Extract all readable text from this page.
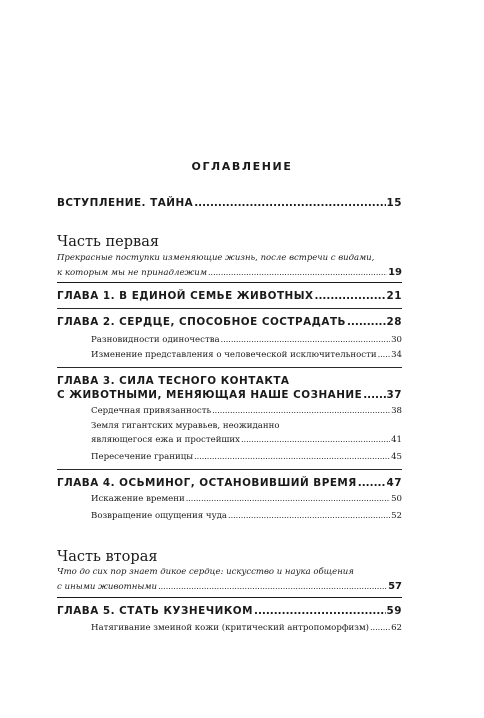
ОГЛАВЛЕНИЕ
ВСТУПЛЕНИЕ. ТАЙНА .....	15
Часть первая
Прекрасные поступки изменяющие жизнь, после встречи с видами,
к которым мы не принадлежим .....	19
ГЛАВА 1. В ЕДИНОЙ СЕМЬЕ ЖИВОТНЫХ .....	21
ГЛАВА 2. СЕРДЦЕ, СПОСОБНОЕ СОСТРАДАТЬ .....	28
Разновидности одиночества .....	30
Изменение представления о человеческой исключительности ..... 34
ГЛАВА 3. СИЛА ТЕСНОГО КОНТАКТА
С ЖИВОТНЫМИ, МЕНЯЮЩАЯ НАШЕ СОЗНАНИЕ ..... 37
Сердечная привязанность .....	38
Земля гигантских муравьев, неожиданно
являющегося ежа и простейших .....	41
Пересечение границы .....	45
ГЛАВА 4. ОСЬМИНОГ, ОСТАНОВИВШИЙ ВРЕМЯ .....	47
Искажение времени .....	50
Возвращение ощущения чуда .....	52
Часть вторая
Что до сих пор знает дикое сердце: искусство и наука общения
с иными животными .....	57
ГЛАВА 5. СТАТЬ КУЗНЕЧИКОМ .....	59
Натягивание змеиной кожи (критический антропоморфизм) .....	62
